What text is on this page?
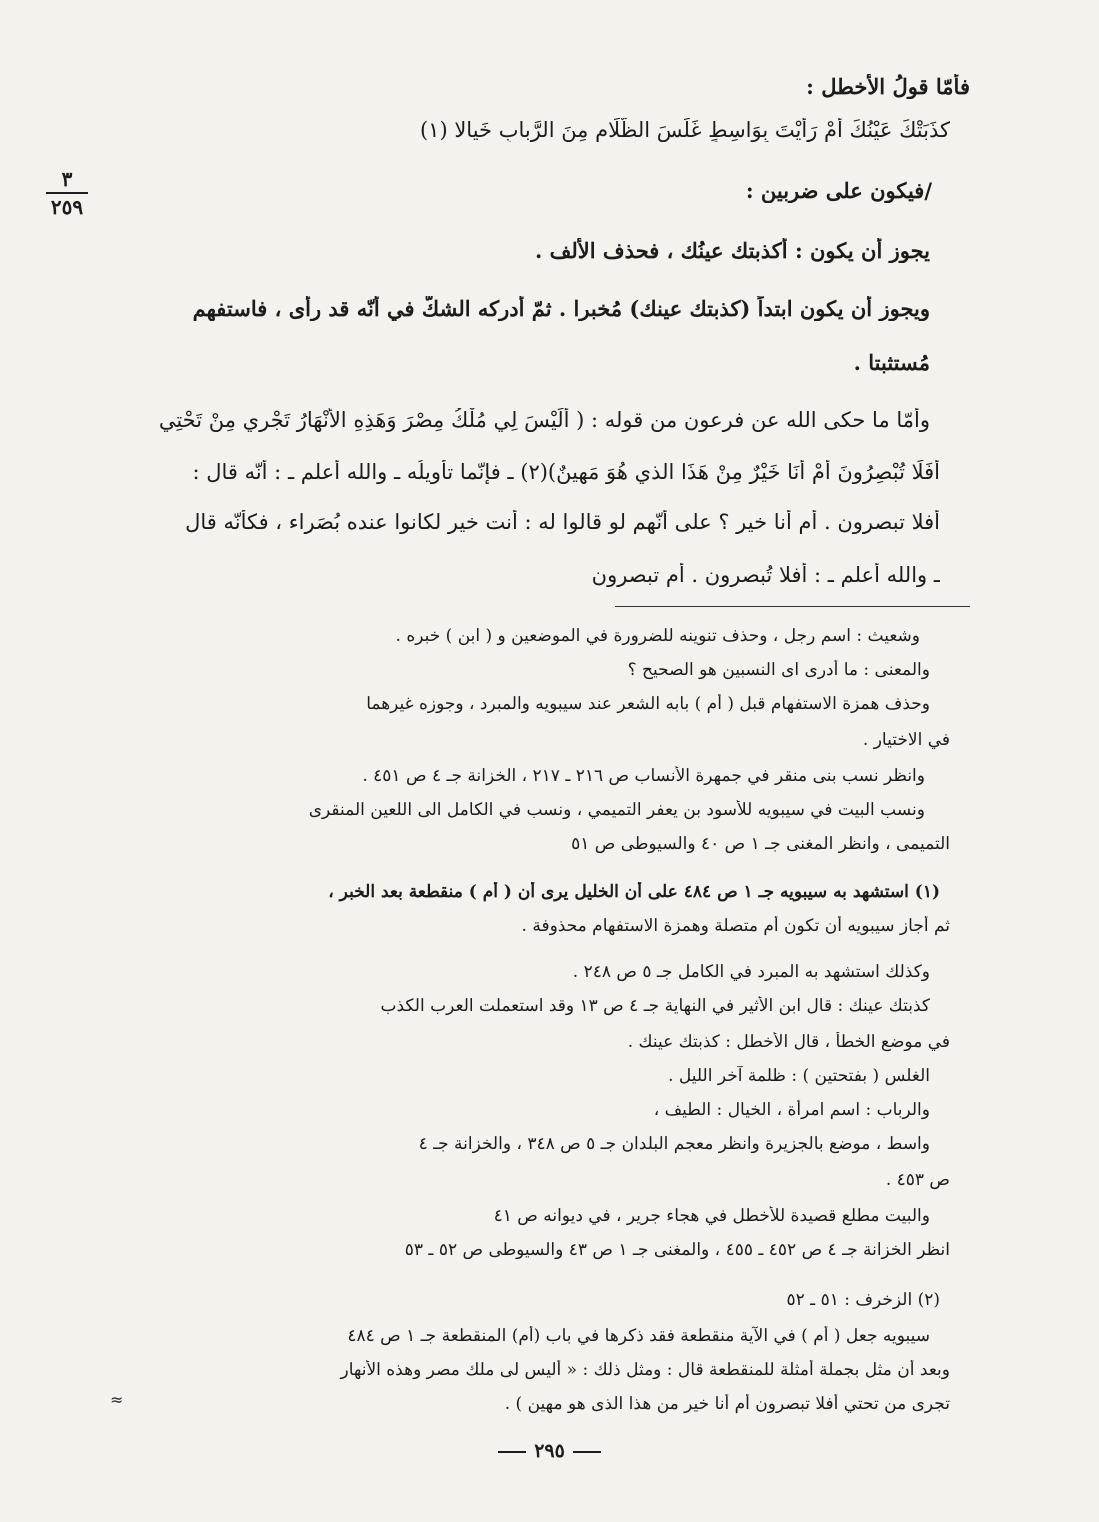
٣
٢٥٩
فأمّا قولُ الأخطل :
كذَبَتْكَ عَيْنُكَ أَمْ رَأَيْتَ بِوَاسِطٍ غَلَسَ الظَّلَامِ مِنَ الرَّبابِ خَيالا (١)
/فيكون على ضربين :
يجوز أن يكون : أكذبتك عينُك ، فحذف الألف .
ويجوز أن يكون ابتداً (كذبتك عينك) مُخبرا . ثمّ أدركه الشكُّ في أنّه قد رأى ، فاستفهم
مُستثبتا .
وأمّا ما حكى الله عن فرعون من قوله : ( أَلَيْسَ لِي مُلْكُ مِصْرَ وَهَذِهِ الأَنْهَارُ تَجْرِي مِنْ تَحْتِي
أَفَلَا تُبْصِرُونَ أَمْ أَنَا خَيْرٌ مِنْ هَذَا الذي هُوَ مَهِينٌ)(٢) ـ فإنّما تأويلُه ـ والله أعلم ـ : أنّه قال :
أفلا تبصرون . أم أنا خير ؟ على أنّهم لو قالوا له : أنت خير لكانوا عنده بُصَراء ، فكأنّه قال
ـ والله أعلم ـ : أفلا تُبصرون . أم تبصرون
وشعيث : اسم رجل ، وحذف تنوينه للضرورة في الموضعين و ( ابن ) خبره .
والمعنى : ما أدرى اى النسبين هو الصحيح ؟
وحذف همزة الاستفهام قبل ( أم ) بابه الشعر عند سيبويه والمبرد ، وجوزه غيرهما
في الاختيار .
وانظر نسب بنى منقر في جمهرة الأنساب ص ٢١٦ ـ ٢١٧ ، الخزانة جـ ٤ ص ٤٥١ .
ونسب البيت في سيبويه للأسود بن يعفر التميمي ، ونسب في الكامل الى اللعين المنقرى
التميمى ، وانظر المغنى جـ ١ ص ٤٠ والسيوطى ص ٥١
(١) استشهد به سيبويه جـ ١ ص ٤٨٤ على أن الخليل يرى أن ( أم ) منقطعة بعد الخبر ،
ثم أجاز سيبويه أن تكون أم متصلة وهمزة الاستفهام محذوفة .
وكذلك استشهد به المبرد في الكامل جـ ٥ ص ٢٤٨ .
كذبتك عينك : قال ابن الأثير في النهاية جـ ٤ ص ١٣ وقد استعملت العرب الكذب
في موضع الخطأ ، قال الأخطل : كذبتك عينك .
الغلس ( بفتحتين ) : ظلمة آخر الليل .
والرباب : اسم امرأة ، الخيال : الطيف ،
واسط ، موضع بالجزيرة وانظر معجم البلدان جـ ٥ ص ٣٤٨ ، والخزانة جـ ٤
ص ٤٥٣ .
والبيت مطلع قصيدة للأخطل في هجاء جرير ، في ديوانه ص ٤١
انظر الخزانة جـ ٤ ص ٤٥٢ ـ ٤٥٥ ، والمغنى جـ ١ ص ٤٣ والسيوطى ص ٥٢ ـ ٥٣
(٢) الزخرف : ٥١ ـ ٥٢
سيبويه جعل ( أم ) في الآية منقطعة فقد ذكرها في باب (أم) المنقطعة جـ ١ ص ٤٨٤
وبعد أن مثل بجملة أمثلة للمنقطعة قال : ومثل ذلك : « أليس لى ملك مصر وهذه الأنهار
تجرى من تحتي أفلا تبصرون أم أنا خير من هذا الذى هو مهين ) .
≈
٢٩٥
